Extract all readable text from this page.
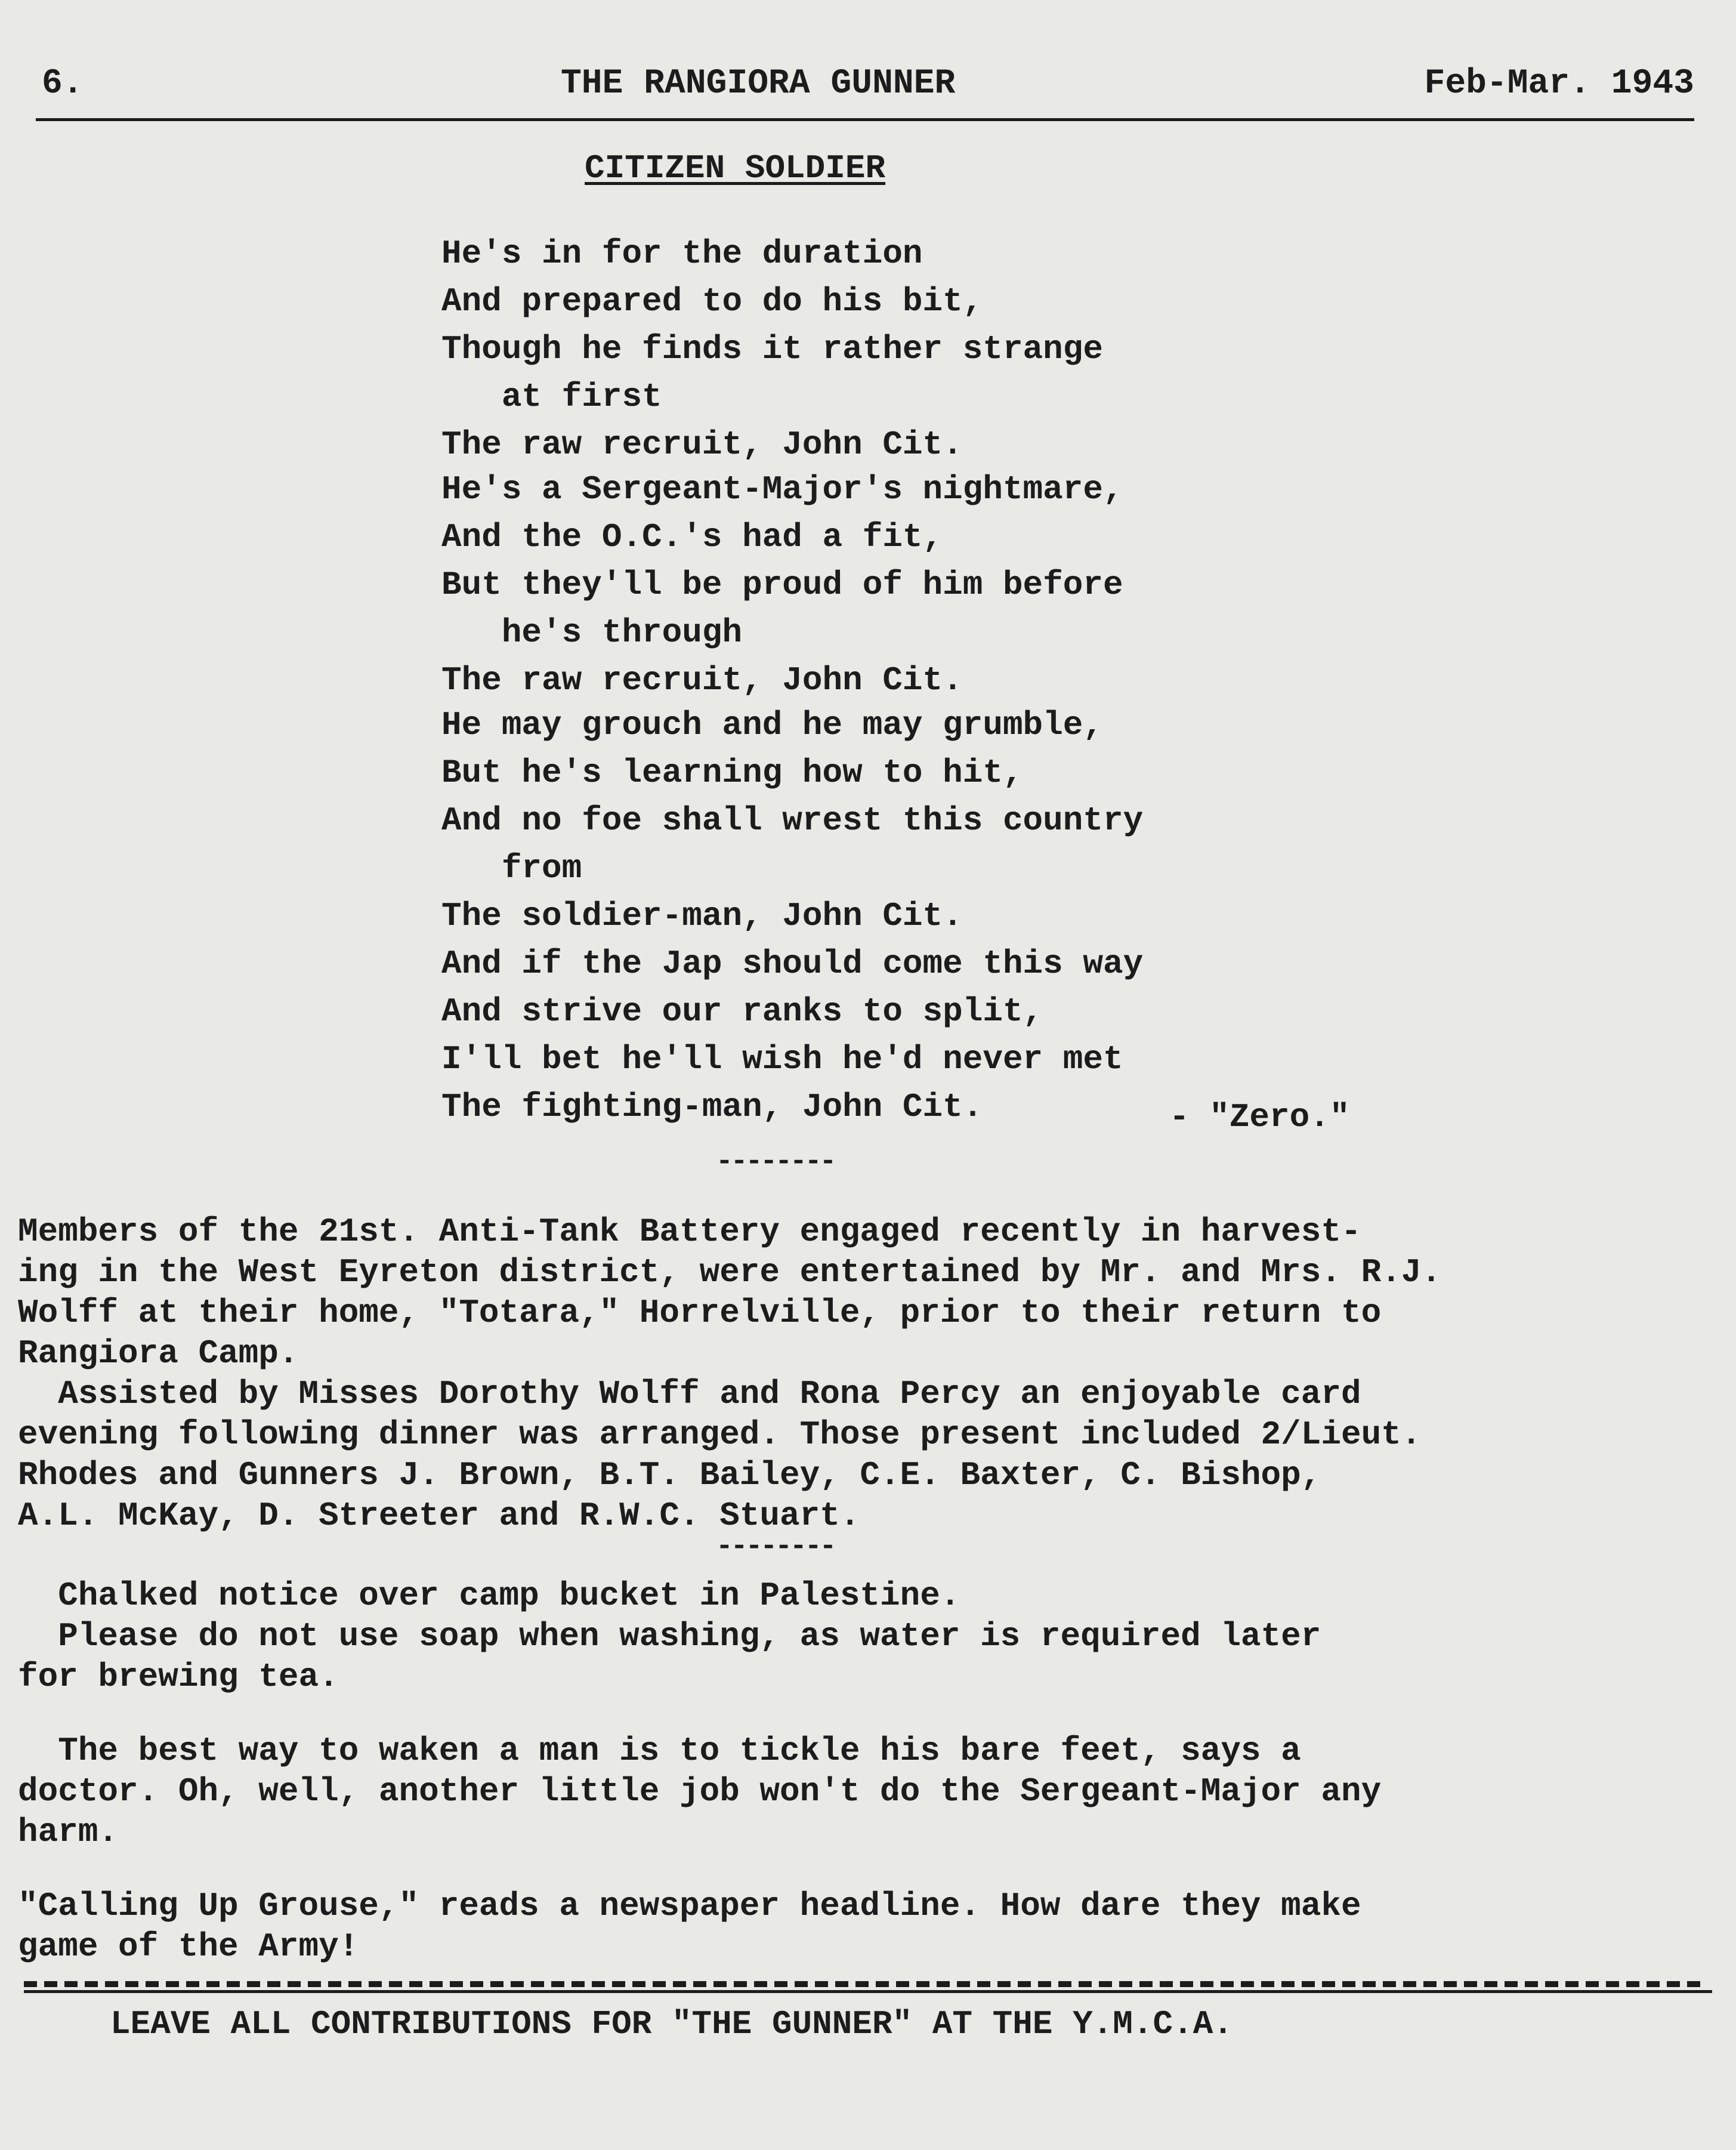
6.	THE RANGIORA GUNNER	Feb-Mar. 1943
CITIZEN SOLDIER
He's in for the duration
And prepared to do his bit,
Though he finds it rather strange
at first
The raw recruit, John Cit.
He's a Sergeant-Major's nightmare,
And the O.C.'s had a fit,
But they'll be proud of him before
he's through
The raw recruit, John Cit.
He may grouch and he may grumble,
But he's learning how to hit,
And no foe shall wrest this country
from
The soldier-man, John Cit.
And if the Jap should come this way
And strive our ranks to split,
I'll bet he'll wish he'd never met
The fighting-man, John Cit.	- "Zero."
--------

Members of the 21st. Anti-Tank Battery engaged recently in harvest-

ing in the West Eyreton district, were entertained by Mr. and Mrs. R.J.

Wolff at their home, "Totara," Horrelville, prior to their return to

Rangiora Camp.

Assisted by Misses Dorothy Wolff and Rona Percy an enjoyable card

evening following dinner was arranged. Those present included 2/Lieut.

Rhodes and Gunners J. Brown, B.T. Bailey, C.E. Baxter, C. Bishop,

A.L. McKay, D. Streeter and R.W.C. Stuart.

--------

Chalked notice over camp bucket in Palestine.

Please do not use soap when washing, as water is required later

for brewing tea.

The best way to waken a man is to tickle his bare feet, says a

doctor. Oh, well, another little job won't do the Sergeant-Major any

harm.

"Calling Up Grouse," reads a newspaper headline. How dare they make

game of the Army!

LEAVE ALL CONTRIBUTIONS FOR "THE GUNNER" AT THE Y.M.C.A.
